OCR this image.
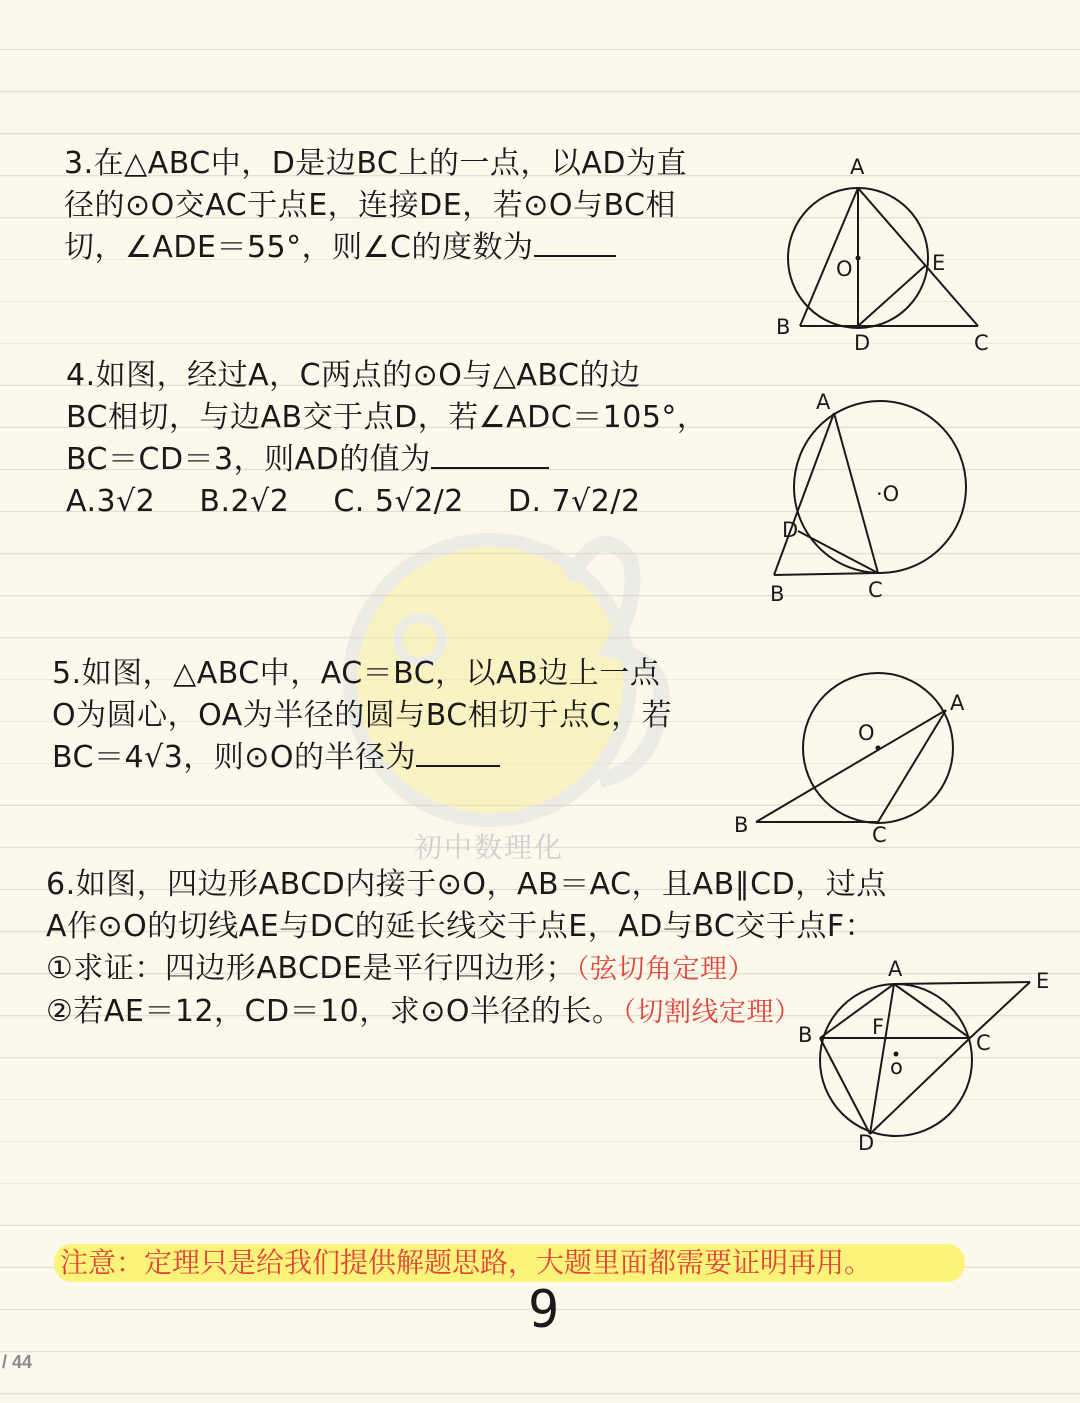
初中数理化
3.在△ABC中，D是边BC上的一点，以AD为直
径的⊙O交AC于点E，连接DE，若⊙O与BC相
切，∠ADE＝55°，则∠C的度数为
A
B
C
D
E
O
4.如图，经过A，C两点的⊙O与△ABC的边
BC相切，与边AB交于点D，若∠ADC＝105°，
BC＝CD＝3，则AD的值为
A.3√2 B.2√2 C. 5√2/2 D. 7√2/2
A
B	C
D
·O
5.如图，△ABC中，AC＝BC，以AB边上一点
O为圆心，OA为半径的圆与BC相切于点C，若
BC＝4√3，则⊙O的半径为
A
B	C
O
6.如图，四边形ABCD内接于⊙O，AB＝AC，且AB∥CD，过点
A作⊙O的切线AE与DC的延长线交于点E，AD与BC交于点F：
①求证：四边形ABCDE是平行四边形；（弦切角定理）
②若AE＝12，CD＝10，求⊙O半径的长。（切割线定理）
A
B	C
D
E
F
o
注意：定理只是给我们提供解题思路，大题里面都需要证明再用。
9
/ 44
